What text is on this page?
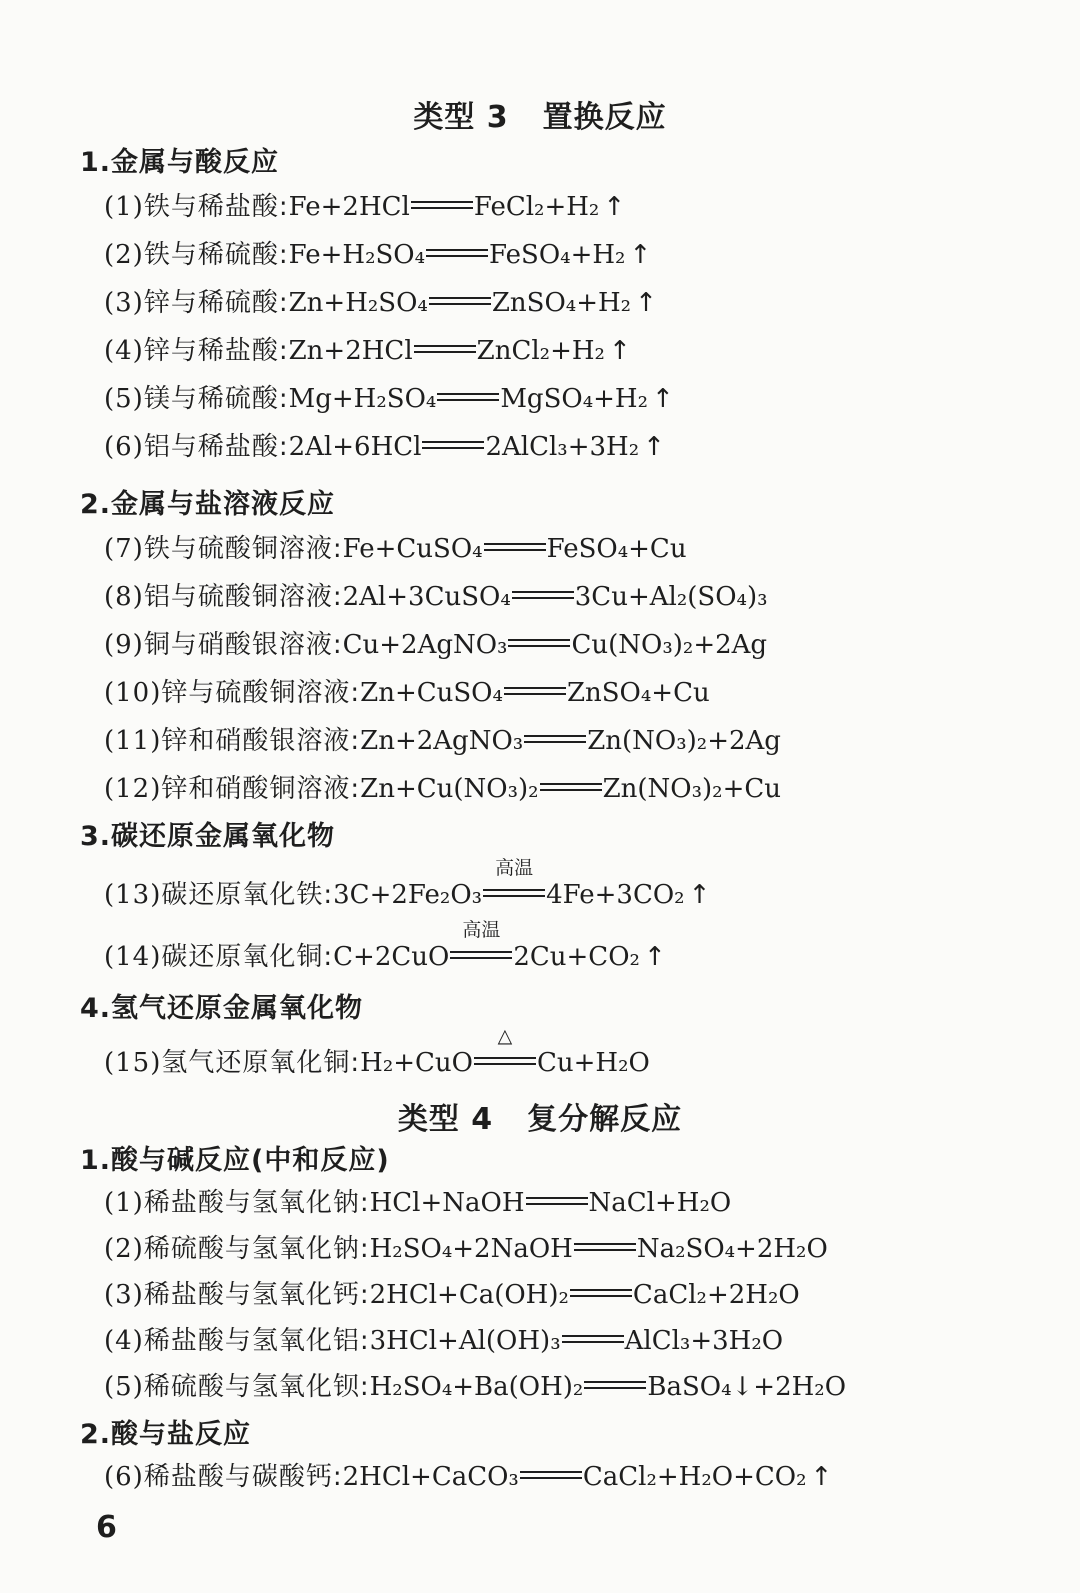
类型 3 置换反应
1.金属与酸反应
(1)铁与稀盐酸:Fe+2HCl FeCl₂+H₂ ↑
(2)铁与稀硫酸:Fe+H₂SO₄ FeSO₄+H₂ ↑
(3)锌与稀硫酸:Zn+H₂SO₄ ZnSO₄+H₂ ↑
(4)锌与稀盐酸:Zn+2HCl ZnCl₂+H₂ ↑
(5)镁与稀硫酸:Mg+H₂SO₄ MgSO₄+H₂ ↑
(6)铝与稀盐酸:2Al+6HCl 2AlCl₃+3H₂ ↑
2.金属与盐溶液反应
(7)铁与硫酸铜溶液:Fe+CuSO₄ FeSO₄+Cu
(8)铝与硫酸铜溶液:2Al+3CuSO₄ 3Cu+Al₂(SO₄)₃
(9)铜与硝酸银溶液:Cu+2AgNO₃ Cu(NO₃)₂+2Ag
(10)锌与硫酸铜溶液:Zn+CuSO₄ ZnSO₄+Cu
(11)锌和硝酸银溶液:Zn+2AgNO₃ Zn(NO₃)₂+2Ag
(12)锌和硝酸铜溶液:Zn+Cu(NO₃)₂ Zn(NO₃)₂+Cu
3.碳还原金属氧化物
(13)碳还原氧化铁:3C+2Fe₂O₃
高温
4Fe+3CO₂ ↑
(14)碳还原氧化铜:C+2CuO
高温
2Cu+CO₂ ↑
4.氢气还原金属氧化物
(15)氢气还原氧化铜:H₂+CuO
△
Cu+H₂O
类型 4 复分解反应
1.酸与碱反应(中和反应)
(1)稀盐酸与氢氧化钠:HCl+NaOH NaCl+H₂O
(2)稀硫酸与氢氧化钠:H₂SO₄+2NaOH Na₂SO₄+2H₂O
(3)稀盐酸与氢氧化钙:2HCl+Ca(OH)₂ CaCl₂+2H₂O
(4)稀盐酸与氢氧化铝:3HCl+Al(OH)₃ AlCl₃+3H₂O
(5)稀硫酸与氢氧化钡:H₂SO₄+Ba(OH)₂ BaSO₄↓+2H₂O
2.酸与盐反应
(6)稀盐酸与碳酸钙:2HCl+CaCO₃ CaCl₂+H₂O+CO₂ ↑
6
